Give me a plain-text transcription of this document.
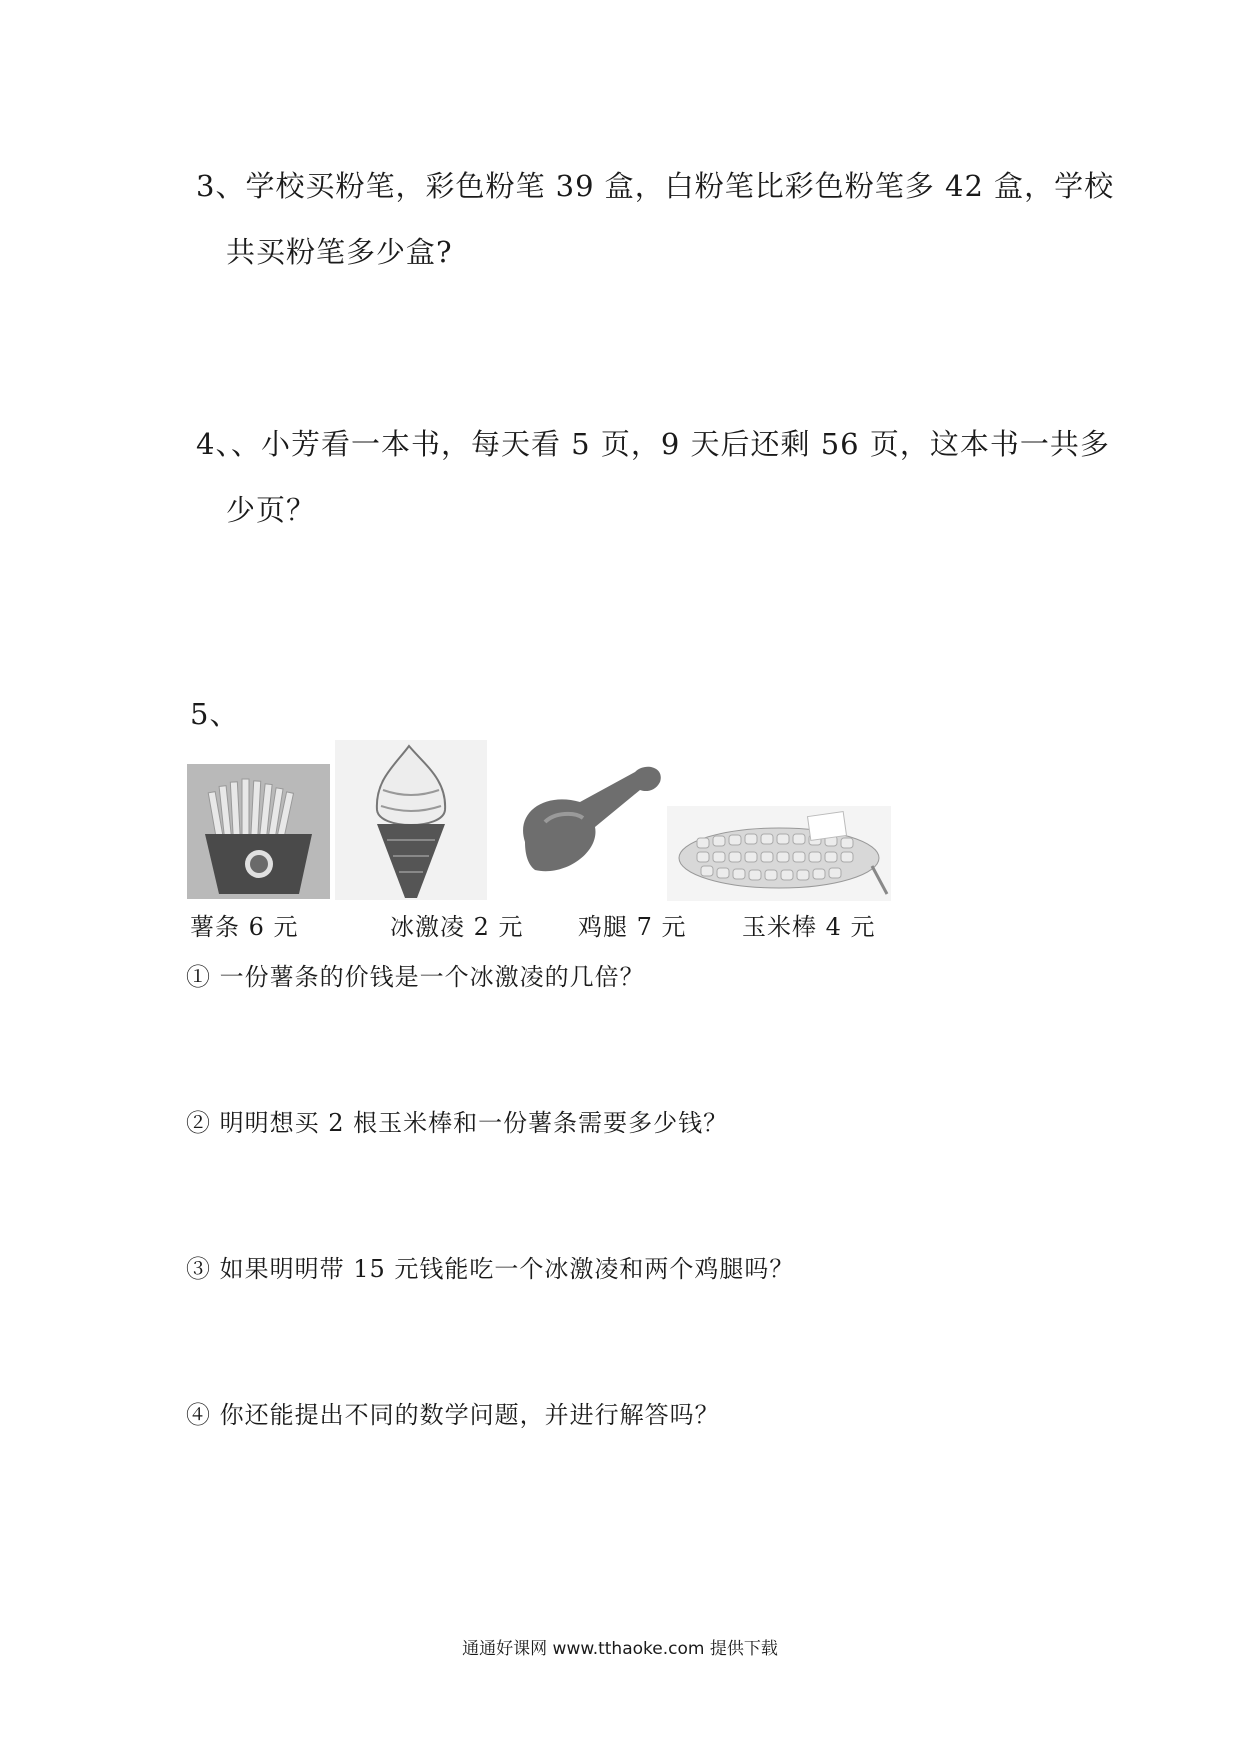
3、学校买粉笔，彩色粉笔 39 盒，白粉笔比彩色粉笔多 42 盒，学校
共买粉笔多少盒?
4、、小芳看一本书，每天看 5 页，9 天后还剩 56 页，这本书一共多
少页？
5、
薯条 6 元	冰激凌 2 元 鸡腿 7 元 玉米棒 4 元
① 一份薯条的价钱是一个冰激凌的几倍？
② 明明想买 2 根玉米棒和一份薯条需要多少钱？
③ 如果明明带 15 元钱能吃一个冰激凌和两个鸡腿吗？
④ 你还能提出不同的数学问题，并进行解答吗？
通通好课网 www.tthaoke.com 提供下载
